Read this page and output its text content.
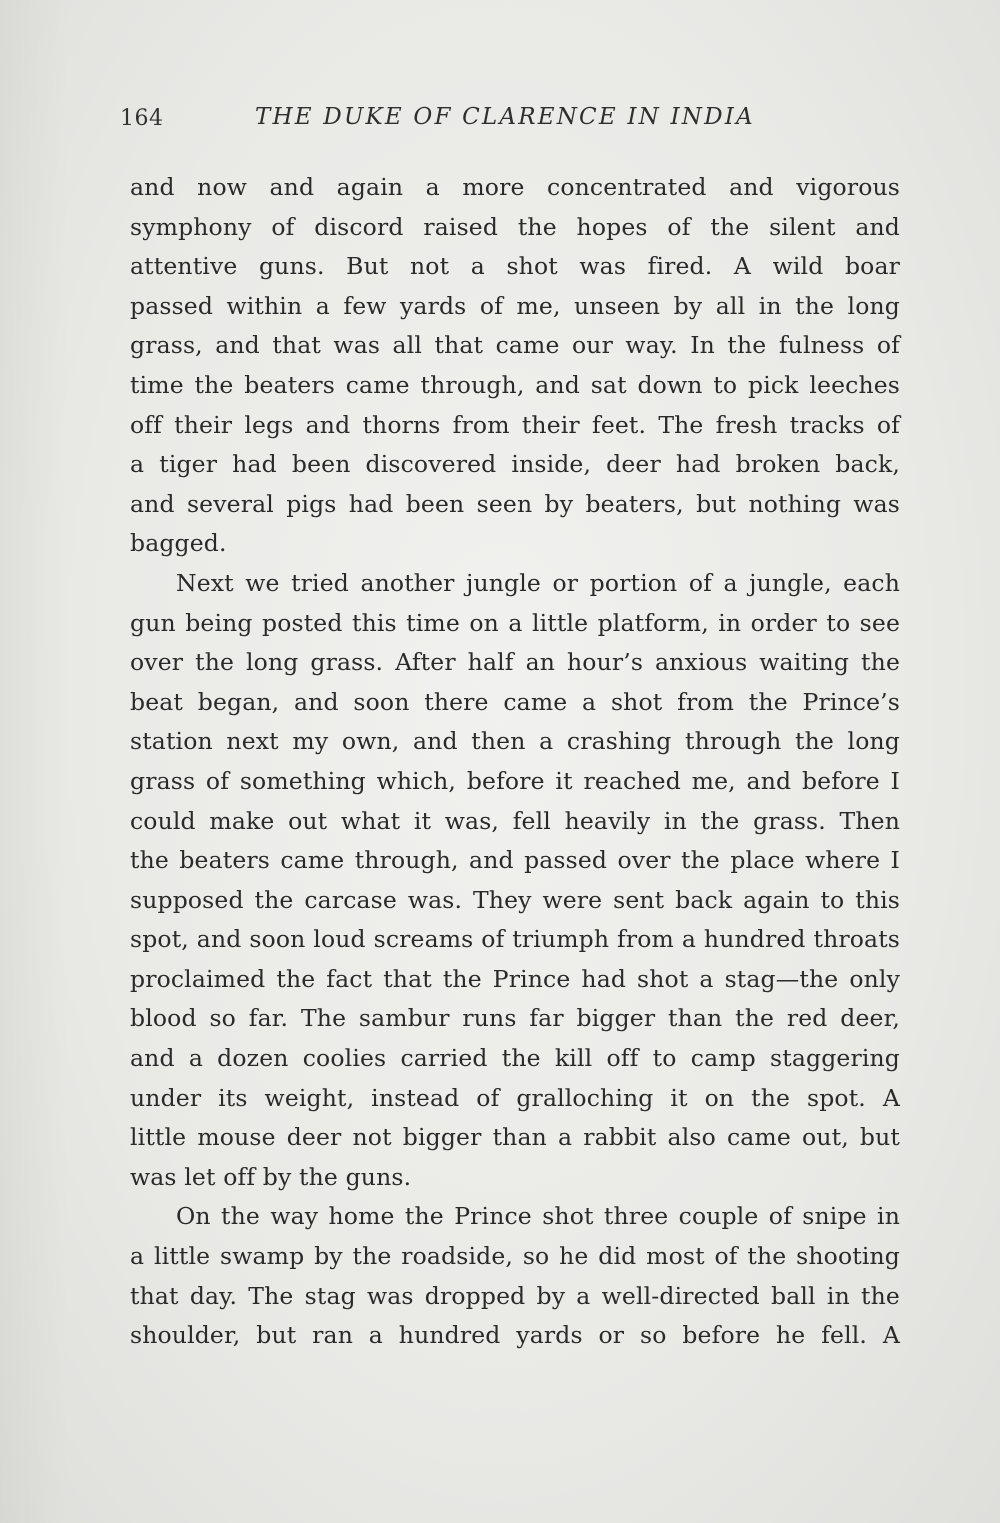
164	THE DUKE OF CLARENCE IN INDIA
and now and again a more concentrated and vigorous
symphony of discord raised the hopes of the silent and
attentive guns. But not a shot was fired. A wild boar
passed within a few yards of me, unseen by all in the long
grass, and that was all that came our way. In the fulness of
time the beaters came through, and sat down to pick leeches
off their legs and thorns from their feet. The fresh tracks of
a tiger had been discovered inside, deer had broken back,
and several pigs had been seen by beaters, but nothing was
bagged.
Next we tried another jungle or portion of a jungle, each
gun being posted this time on a little platform, in order to see
over the long grass. After half an hour’s anxious waiting the
beat began, and soon there came a shot from the Prince’s
station next my own, and then a crashing through the long
grass of something which, before it reached me, and before I
could make out what it was, fell heavily in the grass. Then
the beaters came through, and passed over the place where I
supposed the carcase was. They were sent back again to this
spot, and soon loud screams of triumph from a hundred throats
proclaimed the fact that the Prince had shot a stag—the only
blood so far. The sambur runs far bigger than the red deer,
and a dozen coolies carried the kill off to camp staggering
under its weight, instead of gralloching it on the spot. A
little mouse deer not bigger than a rabbit also came out, but
was let off by the guns.
On the way home the Prince shot three couple of snipe in
a little swamp by the roadside, so he did most of the shooting
that day. The stag was dropped by a well-directed ball in the
shoulder, but ran a hundred yards or so before he fell. A
